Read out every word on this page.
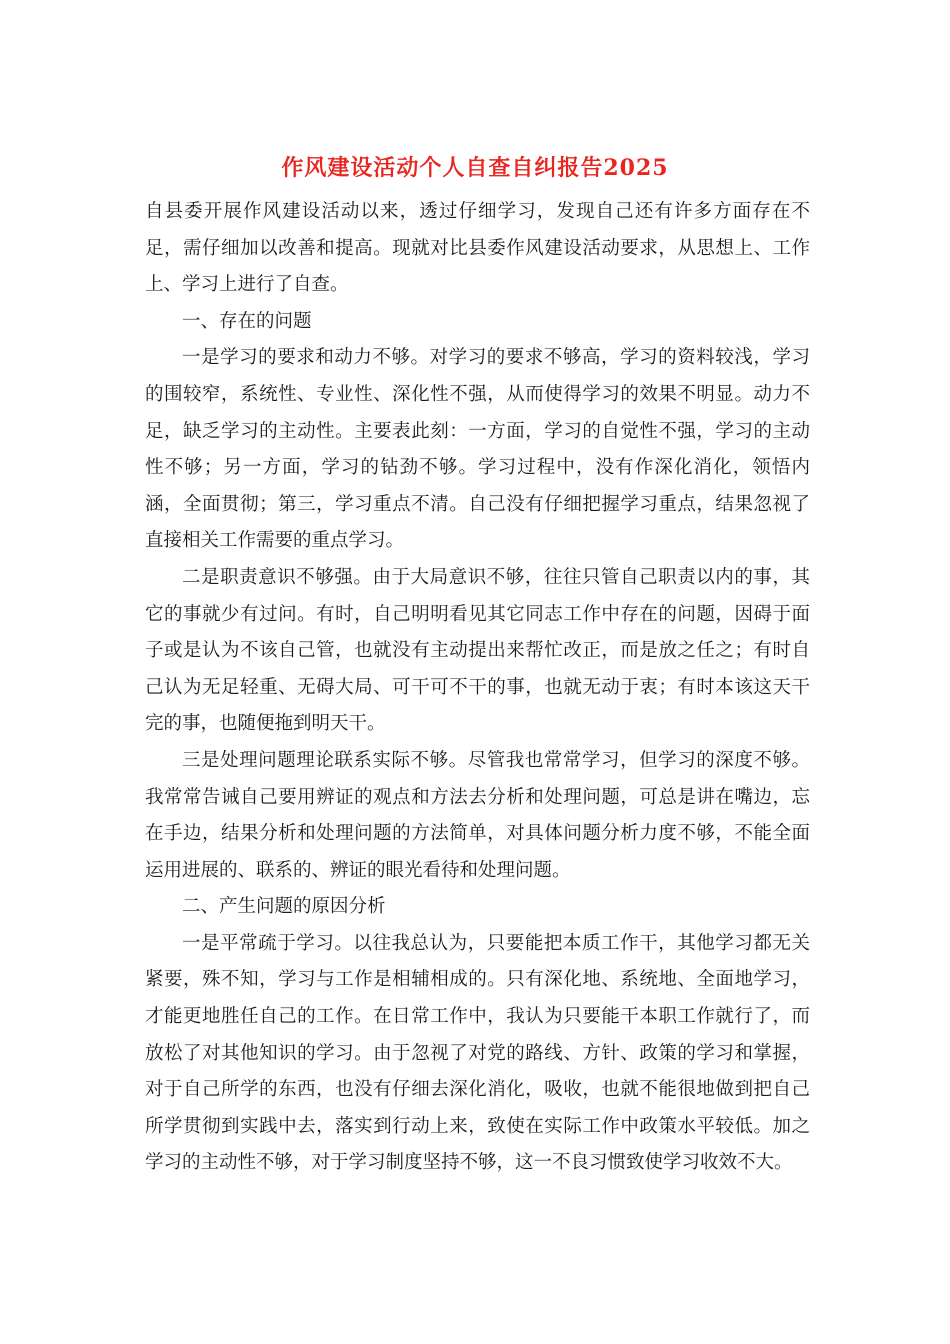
作风建设活动个人自查自纠报告2025

自县委开展作风建设活动以来，透过仔细学习，发现自己还有许多方面存在不足，需仔细加以改善和提高。现就对比县委作风建设活动要求，从思想上、工作上、学习上进行了自查。

一、存在的问题

一是学习的要求和动力不够。对学习的要求不够高，学习的资料较浅，学习的围较窄，系统性、专业性、深化性不强，从而使得学习的效果不明显。动力不足，缺乏学习的主动性。主要表此刻：一方面，学习的自觉性不强，学习的主动性不够；另一方面，学习的钻劲不够。学习过程中，没有作深化消化，领悟内涵，全面贯彻；第三，学习重点不清。自己没有仔细把握学习重点，结果忽视了直接相关工作需要的重点学习。

二是职责意识不够强。由于大局意识不够，往往只管自己职责以内的事，其它的事就少有过问。有时，自己明明看见其它同志工作中存在的问题，因碍于面子或是认为不该自己管，也就没有主动提出来帮忙改正，而是放之任之；有时自己认为无足轻重、无碍大局、可干可不干的事，也就无动于衷；有时本该这天干完的事，也随便拖到明天干。

三是处理问题理论联系实际不够。尽管我也常常学习，但学习的深度不够。我常常告诫自己要用辨证的观点和方法去分析和处理问题，可总是讲在嘴边，忘在手边，结果分析和处理问题的方法简单，对具体问题分析力度不够，不能全面运用进展的、联系的、辨证的眼光看待和处理问题。

二、产生问题的原因分析

一是平常疏于学习。以往我总认为，只要能把本质工作干，其他学习都无关紧要，殊不知，学习与工作是相辅相成的。只有深化地、系统地、全面地学习，才能更地胜任自己的工作。在日常工作中，我认为只要能干本职工作就行了，而放松了对其他知识的学习。由于忽视了对党的路线、方针、政策的学习和掌握，对于自己所学的东西，也没有仔细去深化消化，吸收，也就不能很地做到把自己所学贯彻到实践中去，落实到行动上来，致使在实际工作中政策水平较低。加之学习的主动性不够，对于学习制度坚持不够，这一不良习惯致使学习收效不大。
